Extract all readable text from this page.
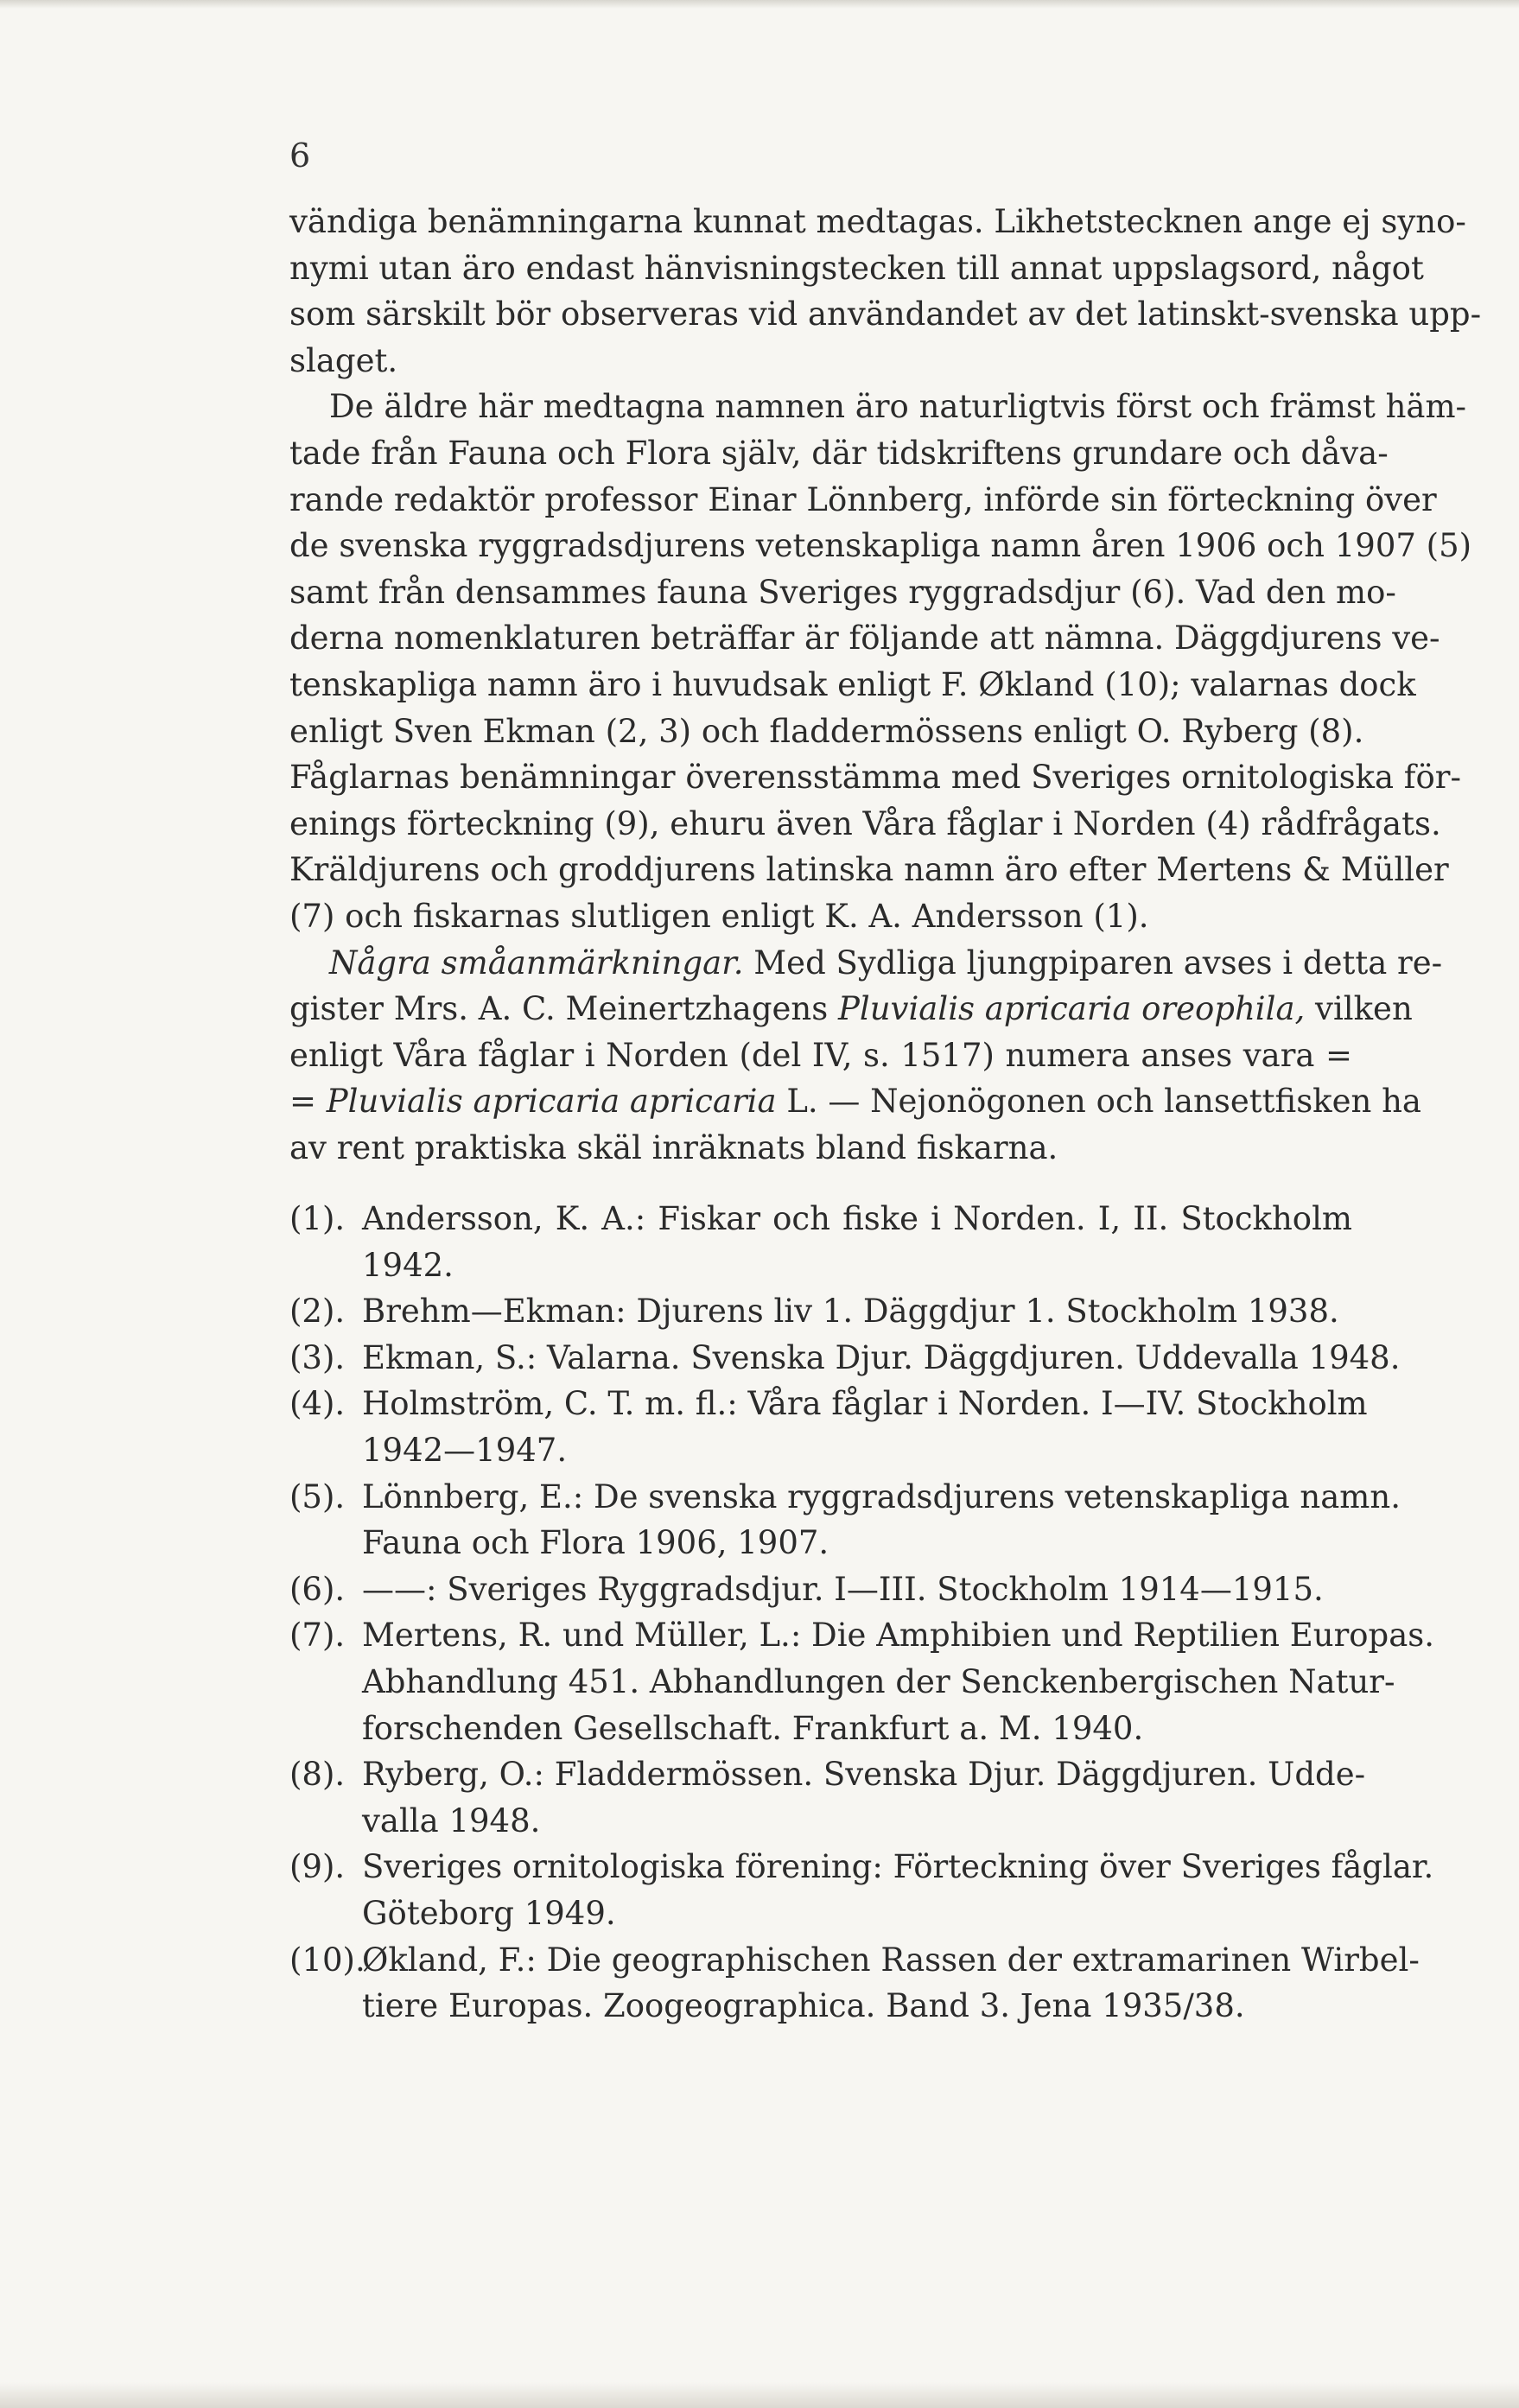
6

vändiga benämningarna kunnat medtagas. Likhetstecknen ange ej syno-
nymi utan äro endast hänvisningstecken till annat uppslagsord, något
som särskilt bör observeras vid användandet av det latinskt-svenska upp-
slaget.

De äldre här medtagna namnen äro naturligtvis först och främst häm-
tade från Fauna och Flora själv, där tidskriftens grundare och dåva-
rande redaktör professor Einar Lönnberg, införde sin förteckning över
de svenska ryggradsdjurens vetenskapliga namn åren 1906 och 1907 (5)
samt från densammes fauna Sveriges ryggradsdjur (6). Vad den mo-
derna nomenklaturen beträffar är följande att nämna. Däggdjurens ve-
tenskapliga namn äro i huvudsak enligt F. Økland (10); valarnas dock
enligt Sven Ekman (2, 3) och fladdermössens enligt O. Ryberg (8).
Fåglarnas benämningar överensstämma med Sveriges ornitologiska för-
enings förteckning (9), ehuru även Våra fåglar i Norden (4) rådfrågats.
Kräldjurens och groddjurens latinska namn äro efter Mertens & Müller
(7) och fiskarnas slutligen enligt K. A. Andersson (1).

Några småanmärkningar. Med Sydliga ljungpiparen avses i detta re-
gister Mrs. A. C. Meinertzhagens Pluvialis apricaria oreophila, vilken
enligt Våra fåglar i Norden (del IV, s. 1517) numera anses vara =
= Pluvialis apricaria apricaria L. — Nejonögonen och lansettfisken ha
av rent praktiska skäl inräknats bland fiskarna.

(1). Andersson, K. A.: Fiskar och fiske i Norden. I, II. Stockholm
1942.
(2). Brehm—Ekman: Djurens liv 1. Däggdjur 1. Stockholm 1938.
(3). Ekman, S.: Valarna. Svenska Djur. Däggdjuren. Uddevalla 1948.
(4). Holmström, C. T. m. fl.: Våra fåglar i Norden. I—IV. Stockholm
1942—1947.
(5). Lönnberg, E.: De svenska ryggradsdjurens vetenskapliga namn.
Fauna och Flora 1906, 1907.
(6). ——: Sveriges Ryggradsdjur. I—III. Stockholm 1914—1915.
(7). Mertens, R. und Müller, L.: Die Amphibien und Reptilien Europas.
Abhandlung 451. Abhandlungen der Senckenbergischen Natur-
forschenden Gesellschaft. Frankfurt a. M. 1940.
(8). Ryberg, O.: Fladdermössen. Svenska Djur. Däggdjuren. Udde-
valla 1948.
(9). Sveriges ornitologiska förening: Förteckning över Sveriges fåglar.
Göteborg 1949.
(10).
Økland, F.: Die geographischen Rassen der extramarinen Wirbel-
tiere Europas. Zoogeographica. Band 3. Jena 1935/38.
